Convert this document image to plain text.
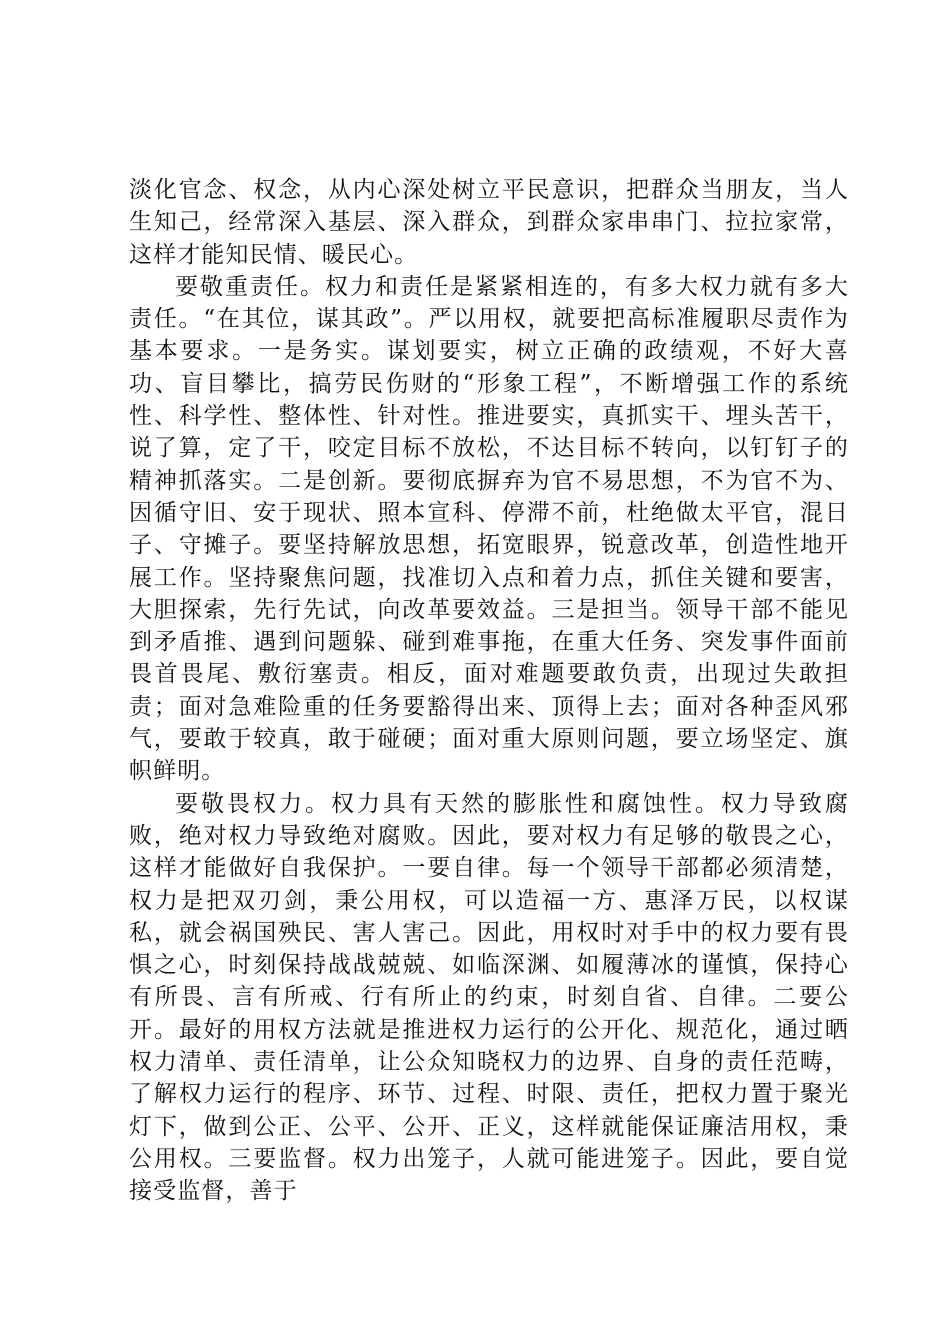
淡化官念、权念，从内心深处树立平民意识，把群众当朋友，当人生知己，经常深入基层、深入群众，到群众家串串门、拉拉家常，这样才能知民情、暖民心。

要敬重责任。权力和责任是紧紧相连的，有多大权力就有多大责任。“在其位，谋其政”。严以用权，就要把高标准履职尽责作为基本要求。一是务实。谋划要实，树立正确的政绩观，不好大喜功、盲目攀比，搞劳民伤财的“形象工程”，不断增强工作的系统性、科学性、整体性、针对性。推进要实，真抓实干、埋头苦干，说了算，定了干，咬定目标不放松，不达目标不转向，以钉钉子的精神抓落实。二是创新。要彻底摒弃为官不易思想，不为官不为、因循守旧、安于现状、照本宣科、停滞不前，杜绝做太平官，混日子、守摊子。要坚持解放思想，拓宽眼界，锐意改革，创造性地开展工作。坚持聚焦问题，找准切入点和着力点，抓住关键和要害，大胆探索，先行先试，向改革要效益。三是担当。领导干部不能见到矛盾推、遇到问题躲、碰到难事拖，在重大任务、突发事件面前畏首畏尾、敷衍塞责。相反，面对难题要敢负责，出现过失敢担责；面对急难险重的任务要豁得出来、顶得上去；面对各种歪风邪气，要敢于较真，敢于碰硬；面对重大原则问题，要立场坚定、旗帜鲜明。

要敬畏权力。权力具有天然的膨胀性和腐蚀性。权力导致腐败，绝对权力导致绝对腐败。因此，要对权力有足够的敬畏之心，这样才能做好自我保护。一要自律。每一个领导干部都必须清楚，权力是把双刃剑，秉公用权，可以造福一方、惠泽万民，以权谋私，就会祸国殃民、害人害己。因此，用权时对手中的权力要有畏惧之心，时刻保持战战兢兢、如临深渊、如履薄冰的谨慎，保持心有所畏、言有所戒、行有所止的约束，时刻自省、自律。二要公开。最好的用权方法就是推进权力运行的公开化、规范化，通过晒权力清单、责任清单，让公众知晓权力的边界、自身的责任范畴，了解权力运行的程序、环节、过程、时限、责任，把权力置于聚光灯下，做到公正、公平、公开、正义，这样就能保证廉洁用权，秉公用权。三要监督。权力出笼子，人就可能进笼子。因此，要自觉接受监督，善于
